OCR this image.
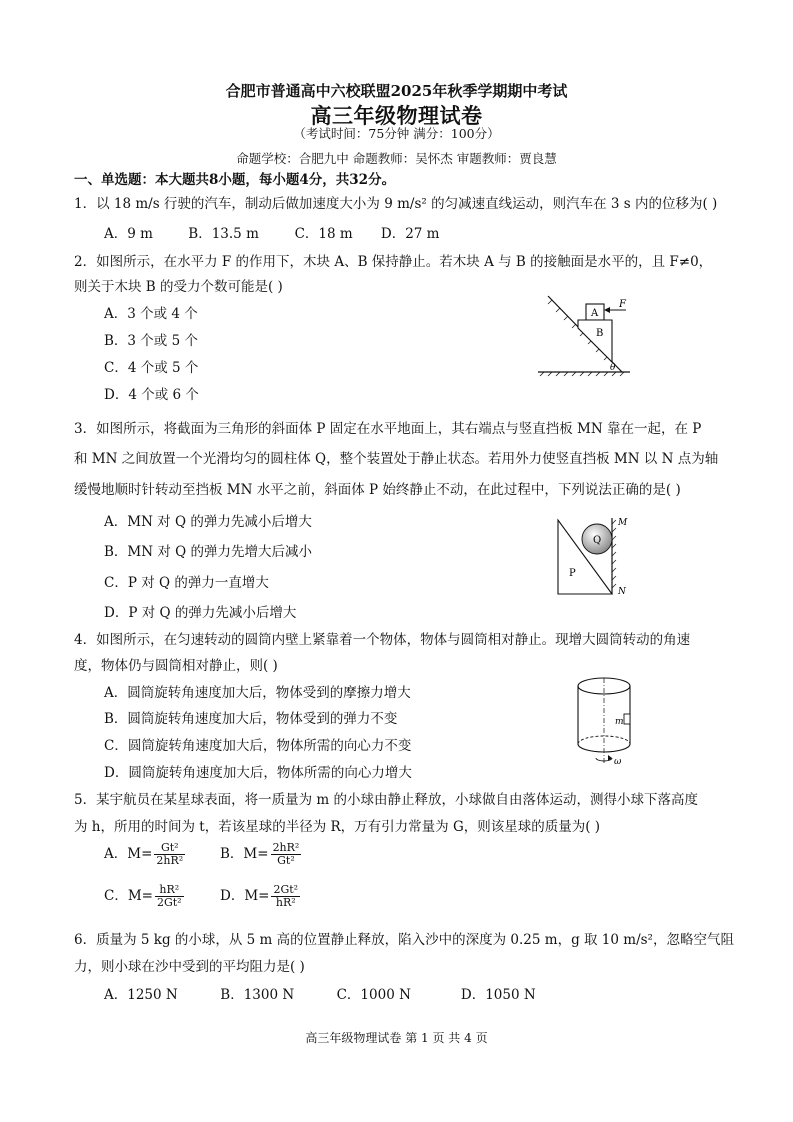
合肥市普通高中六校联盟2025年秋季学期期中考试
高三年级物理试卷
（考试时间：75分钟 满分：100分）
命题学校：合肥九中 命题教师：吴怀杰 审题教师：贾良慧
一、单选题：本大题共8小题，每小题4分，共32分。
1．以 18 m/s 行驶的汽车，制动后做加速度大小为 9 m/s² 的匀减速直线运动，则汽车在 3 s 内的位移为( )
A．9 m	B．13.5 m	C．18 m D．27 m
2．如图所示，在水平力 F 的作用下，木块 A、B 保持静止。若木块 A 与 B 的接触面是水平的，且 F≠0，
则关于木块 B 的受力个数可能是( )
A．3 个或 4 个
B．3 个或 5 个
C．4 个或 5 个
D．4 个或 6 个
A
B
F
θ
3．如图所示，将截面为三角形的斜面体 P 固定在水平地面上，其右端点与竖直挡板 MN 靠在一起，在 P
和 MN 之间放置一个光滑均匀的圆柱体 Q，整个装置处于静止状态。若用外力使竖直挡板 MN 以 N 点为轴
缓慢地顺时针转动至挡板 MN 水平之前，斜面体 P 始终静止不动，在此过程中，下列说法正确的是( )
A．MN 对 Q 的弹力先减小后增大
B．MN 对 Q 的弹力先增大后减小
C．P 对 Q 的弹力一直增大
D．P 对 Q 的弹力先减小后增大
Q
P
M
N
4．如图所示，在匀速转动的圆筒内壁上紧靠着一个物体，物体与圆筒相对静止。现增大圆筒转动的角速
度，物体仍与圆筒相对静止，则( )
A．圆筒旋转角速度加大后，物体受到的摩擦力增大
B．圆筒旋转角速度加大后，物体受到的弹力不变
C．圆筒旋转角速度加大后，物体所需的向心力不变
D．圆筒旋转角速度加大后，物体所需的向心力增大
m
ω
5．某宇航员在某星球表面，将一质量为 m 的小球由静止释放，小球做自由落体运动，测得小球下落高度
为 h，所用的时间为 t，若该星球的半径为 R，万有引力常量为 G，则该星球的质量为( )
A．$M= \frac{\text{Gt²}}{\text{2hR²}}$	B．$M= \frac{\text{2hR²}}{\text{Gt²}}$
C．$M= \frac{\text{hR²}}{\text{2Gt²}}$	D．$M= \frac{\text{2Gt²}}{\text{hR²}}$
6．质量为 5 kg 的小球，从 5 m 高的位置静止释放，陷入沙中的深度为 0.25 m，g 取 10 m/s²，忽略空气阻
力，则小球在沙中受到的平均阻力是( )
A．1250 N	B．1300 N	C．1000 N	D．1050 N
高三年级物理试卷 第 1 页 共 4 页
